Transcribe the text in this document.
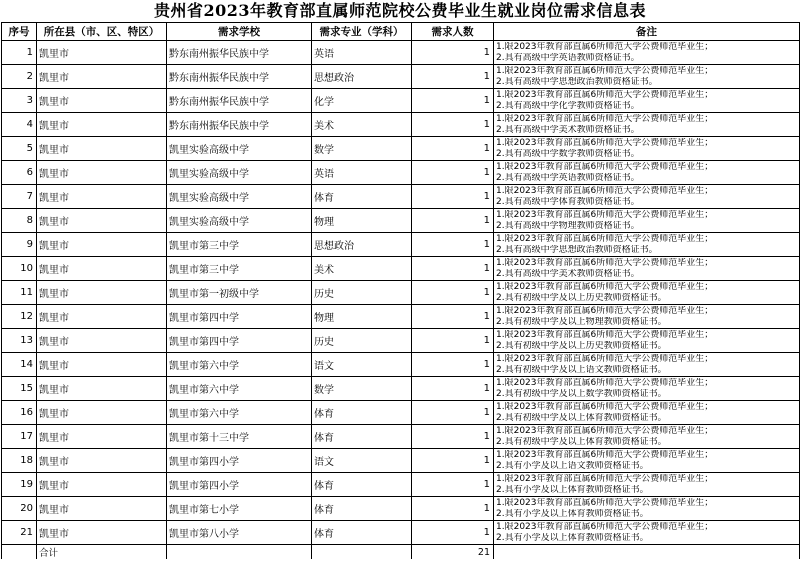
贵州省2023年教育部直属师范院校公费毕业生就业岗位需求信息表
序号	所在县（市、区、特区）	需求学校	需求专业（学科）	需求人数	备注
1	凯里市	黔东南州振华民族中学	英语	1	1.限2023年教育部直属6所师范大学公费师范毕业生；
2.具有高级中学英语教师资格证书。

2	凯里市	黔东南州振华民族中学	思想政治	1	1.限2023年教育部直属6所师范大学公费师范毕业生；
2.具有高级中学思想政治教师资格证书。

3	凯里市	黔东南州振华民族中学	化学	1	1.限2023年教育部直属6所师范大学公费师范毕业生；
2.具有高级中学化学教师资格证书。

4	凯里市	黔东南州振华民族中学	美术	1	1.限2023年教育部直属6所师范大学公费师范毕业生；
2.具有高级中学美术教师资格证书。

5	凯里市	凯里实验高级中学	数学	1	1.限2023年教育部直属6所师范大学公费师范毕业生；
2.具有高级中学数学教师资格证书。

6	凯里市	凯里实验高级中学	英语	1	1.限2023年教育部直属6所师范大学公费师范毕业生；
2.具有高级中学英语教师资格证书。

7	凯里市	凯里实验高级中学	体育	1	1.限2023年教育部直属6所师范大学公费师范毕业生；
2.具有高级中学体育教师资格证书。

8	凯里市	凯里实验高级中学	物理	1	1.限2023年教育部直属6所师范大学公费师范毕业生；
2.具有高级中学物理教师资格证书。

9	凯里市	凯里市第三中学	思想政治	1	1.限2023年教育部直属6所师范大学公费师范毕业生；
2.具有高级中学思想政治教师资格证书。

10	凯里市	凯里市第三中学	美术	1	1.限2023年教育部直属6所师范大学公费师范毕业生；
2.具有高级中学美术教师资格证书。

11	凯里市	凯里市第一初级中学	历史	1	1.限2023年教育部直属6所师范大学公费师范毕业生；
2.具有初级中学及以上历史教师资格证书。

12	凯里市	凯里市第四中学	物理	1	1.限2023年教育部直属6所师范大学公费师范毕业生；
2.具有初级中学及以上物理教师资格证书。

13	凯里市	凯里市第四中学	历史	1	1.限2023年教育部直属6所师范大学公费师范毕业生；
2.具有初级中学及以上历史教师资格证书。

14	凯里市	凯里市第六中学	语文	1	1.限2023年教育部直属6所师范大学公费师范毕业生；
2.具有初级中学及以上语文教师资格证书。

15	凯里市	凯里市第六中学	数学	1	1.限2023年教育部直属6所师范大学公费师范毕业生；
2.具有初级中学及以上数学教师资格证书。

16	凯里市	凯里市第六中学	体育	1	1.限2023年教育部直属6所师范大学公费师范毕业生；
2.具有初级中学及以上体育教师资格证书。

17	凯里市	凯里市第十三中学	体育	1	1.限2023年教育部直属6所师范大学公费师范毕业生；
2.具有初级中学及以上体育教师资格证书。

18	凯里市	凯里市第四小学	语文	1	1.限2023年教育部直属6所师范大学公费师范毕业生；
2.具有小学及以上语文教师资格证书。

19	凯里市	凯里市第四小学	体育	1	1.限2023年教育部直属6所师范大学公费师范毕业生；
2.具有小学及以上体育教师资格证书。

20	凯里市	凯里市第七小学	体育	1	1.限2023年教育部直属6所师范大学公费师范毕业生；
2.具有小学及以上体育教师资格证书。

21	凯里市	凯里市第八小学	体育	1	1.限2023年教育部直属6所师范大学公费师范毕业生；
2.具有小学及以上体育教师资格证书。

	合计			21	
